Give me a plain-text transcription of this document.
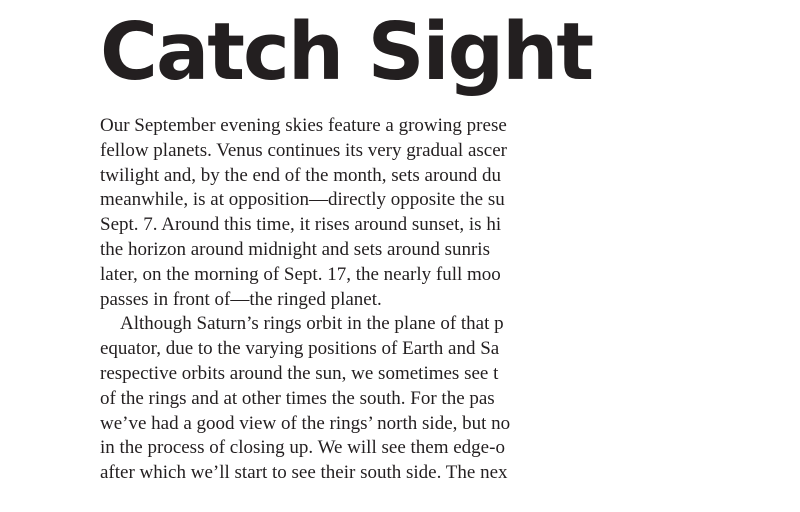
Catch Sight

Our September evening skies feature a growing prese
fellow planets. Venus continues its very gradual ascer
twilight and, by the end of the month, sets around du
meanwhile, is at opposition—directly opposite the su
Sept. 7. Around this time, it rises around sunset, is hi
the horizon around midnight and sets around sunris
later, on the morning of Sept. 17, the nearly full moo
passes in front of—the ringed planet.

Although Saturn’s rings orbit in the plane of that p
equator, due to the varying positions of Earth and Sa
respective orbits around the sun, we sometimes see t
of the rings and at other times the south. For the pas
we’ve had a good view of the rings’ north side, but no
in the process of closing up. We will see them edge-o
after which we’ll start to see their south side. The nex
